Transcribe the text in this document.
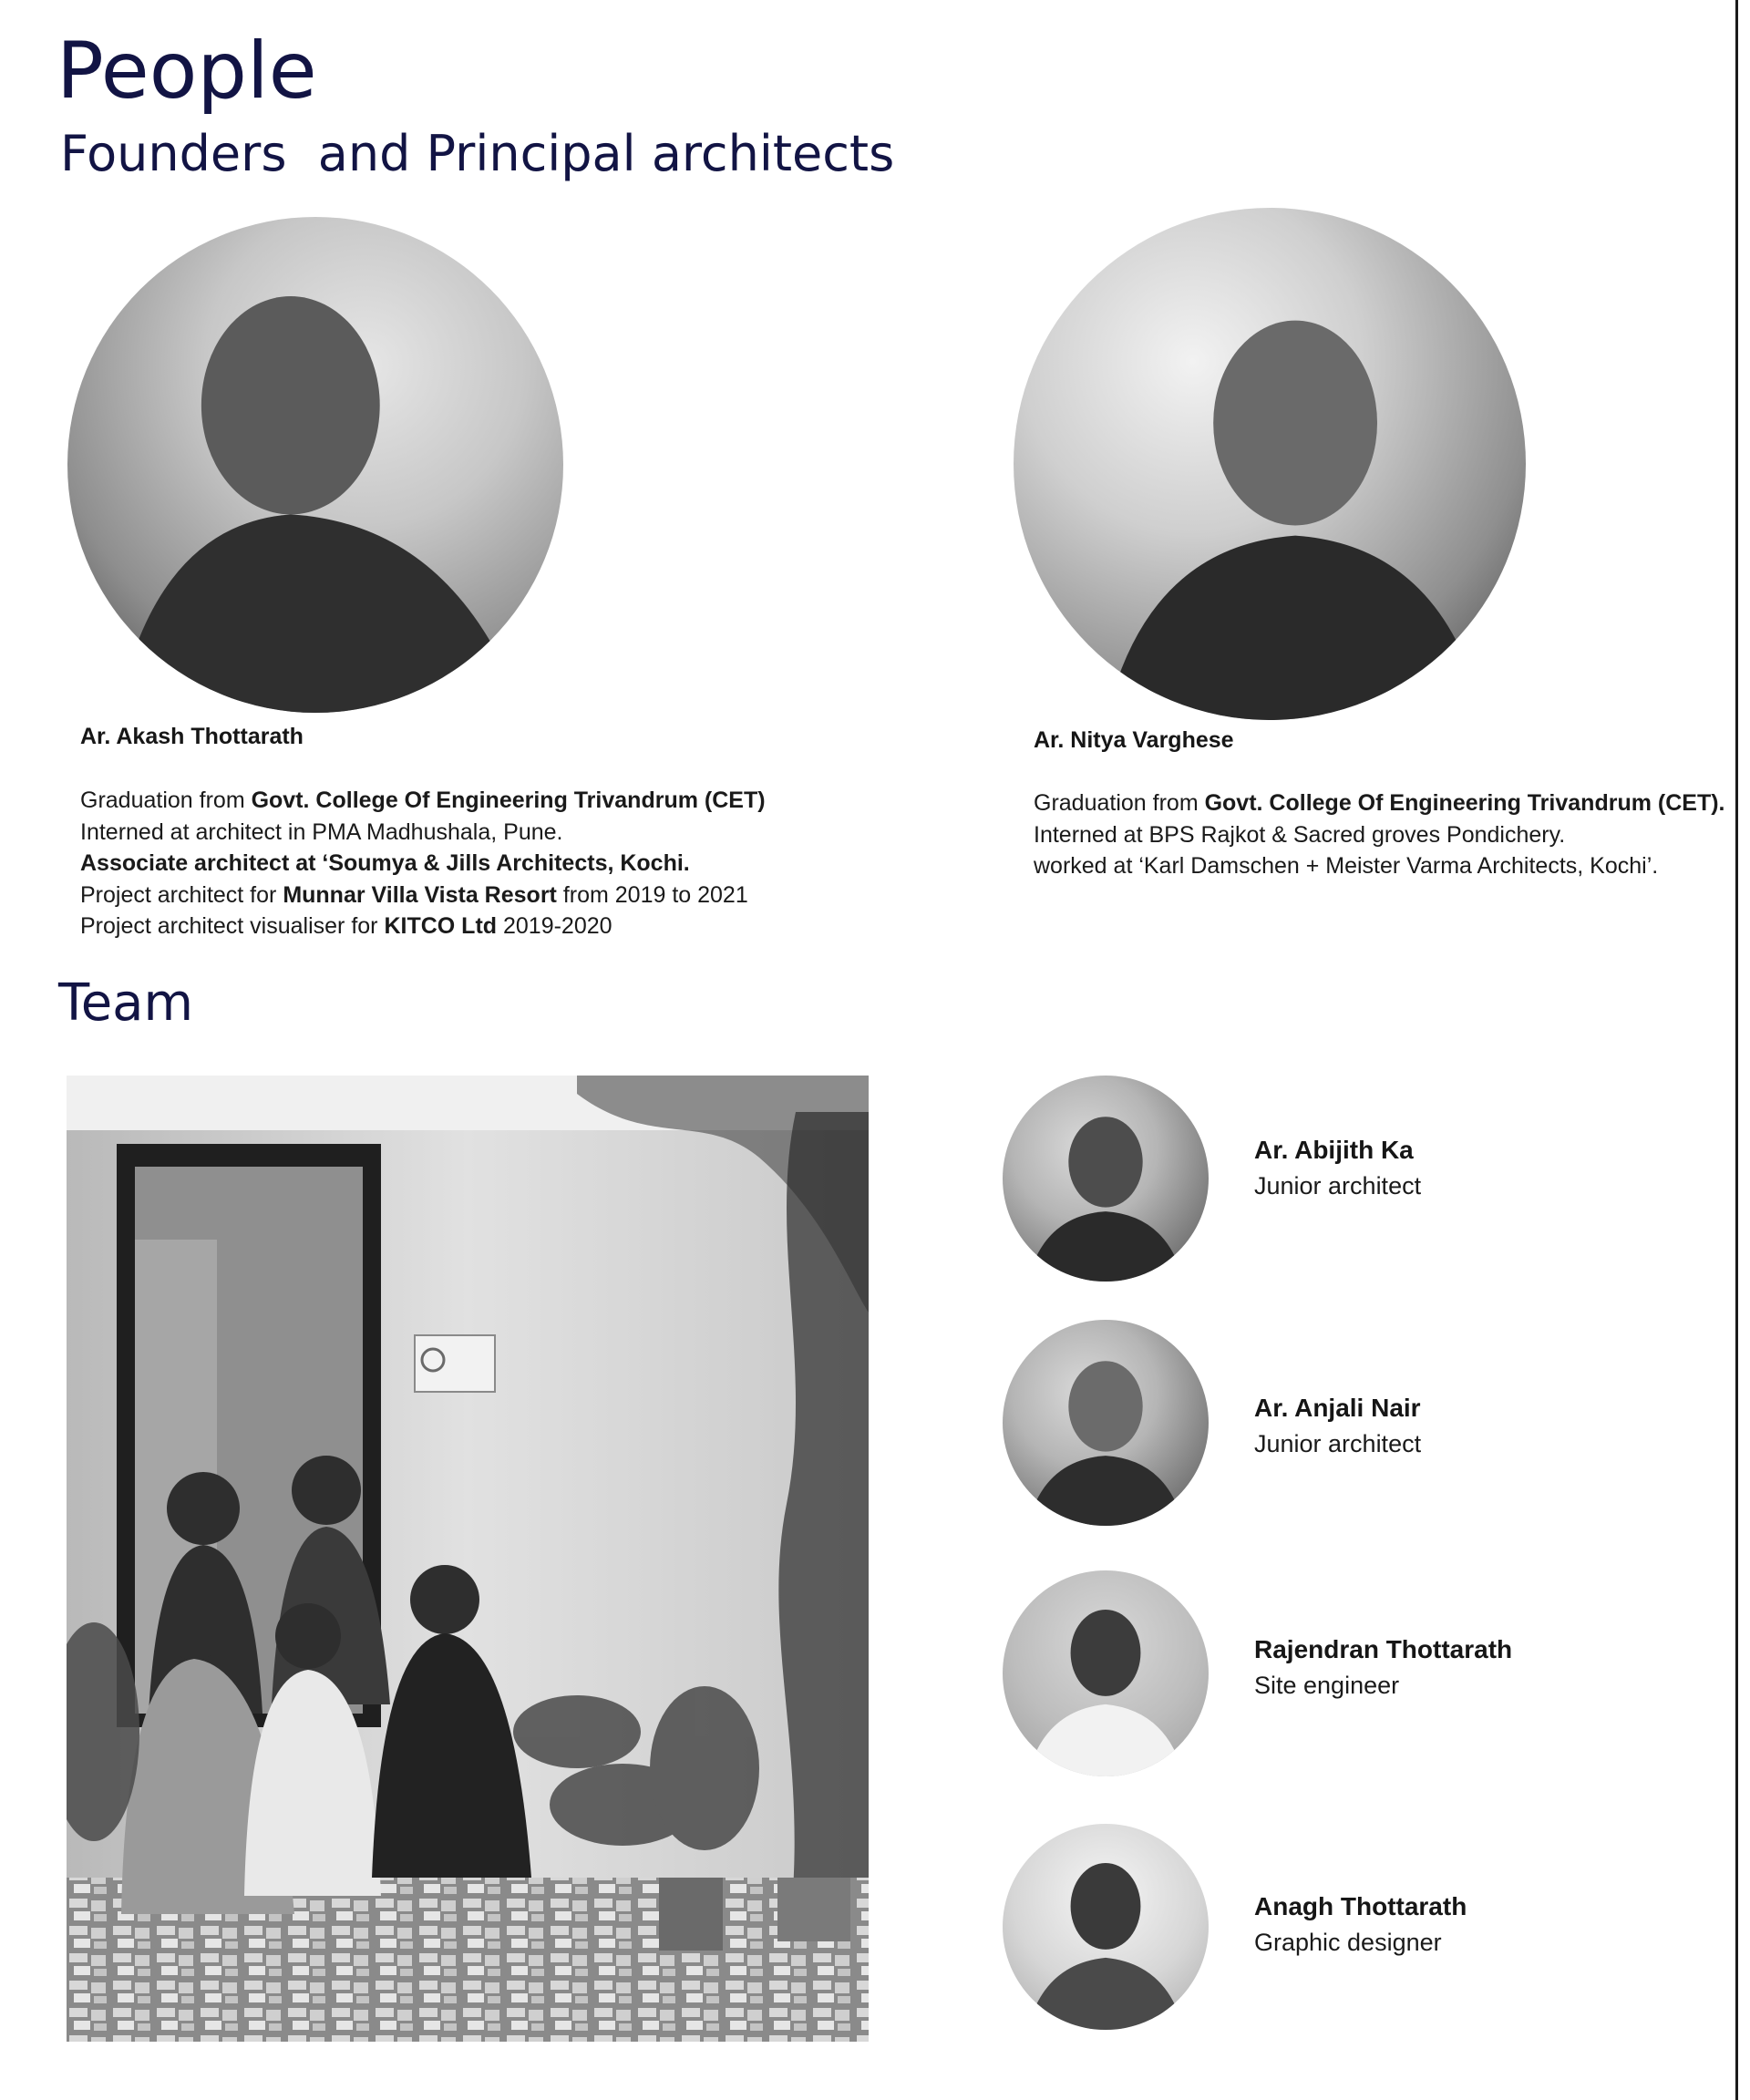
People
Founders  and Principal architects
Ar. Akash Thottarath
Graduation from Govt. College Of Engineering Trivandrum (CET)
Interned at architect in PMA Madhushala, Pune.
Associate architect at ‘Soumya & Jills Architects, Kochi.
Project architect for Munnar Villa Vista Resort from 2019 to 2021
Project architect visualiser for KITCO Ltd 2019-2020
Ar. Nitya Varghese
Graduation from Govt. College Of Engineering Trivandrum (CET).
Interned at BPS Rajkot & Sacred groves Pondichery.
worked at ‘Karl Damschen + Meister Varma Architects, Kochi’.
Team
Ar. Abijith Ka
Junior architect
Ar. Anjali Nair
Junior architect
Rajendran Thottarath
Site engineer
Anagh Thottarath
Graphic designer
